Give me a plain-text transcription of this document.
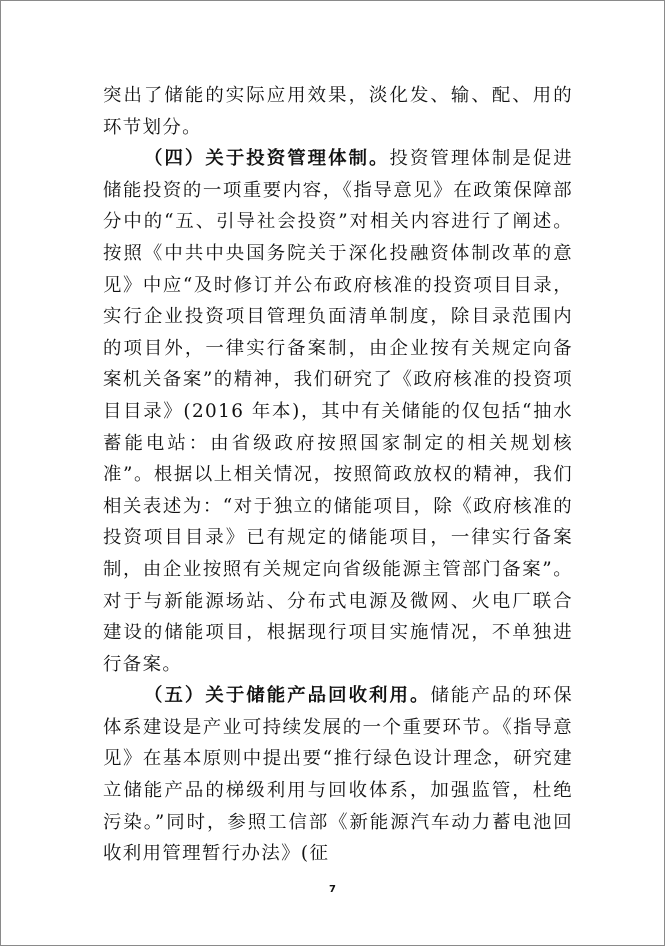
突出了储能的实际应用效果，淡化发、输、配、用的环节划分。

（四）关于投资管理体制。投资管理体制是促进储能投资的一项重要内容，《指导意见》在政策保障部分中的“五、引导社会投资”对相关内容进行了阐述。按照《中共中央国务院关于深化投融资体制改革的意见》中应“及时修订并公布政府核准的投资项目目录，实行企业投资项目管理负面清单制度，除目录范围内的项目外，一律实行备案制，由企业按有关规定向备案机关备案”的精神，我们研究了《政府核准的投资项目目录》(2016 年本)，其中有关储能的仅包括“抽水蓄能电站：由省级政府按照国家制定的相关规划核准”。根据以上相关情况，按照简政放权的精神，我们相关表述为：“对于独立的储能项目，除《政府核准的投资项目目录》已有规定的储能项目，一律实行备案制，由企业按照有关规定向省级能源主管部门备案”。对于与新能源场站、分布式电源及微网、火电厂联合建设的储能项目，根据现行项目实施情况，不单独进行备案。

（五）关于储能产品回收利用。储能产品的环保体系建设是产业可持续发展的一个重要环节。《指导意见》在基本原则中提出要“推行绿色设计理念，研究建立储能产品的梯级利用与回收体系，加强监管，杜绝污染。”同时，参照工信部《新能源汽车动力蓄电池回收利用管理暂行办法》(征

7
